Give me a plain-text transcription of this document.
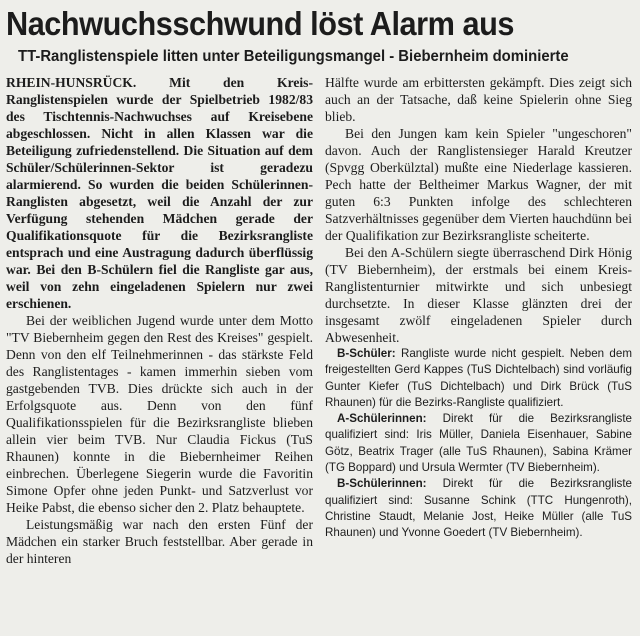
Nachwuchsschwund löst Alarm aus
TT-Ranglistenspiele litten unter Beteiligungsmangel - Biebernheim dominierte

RHEIN-HUNSRÜCK. Mit den Kreis-Ranglistenspielen wurde der Spielbetrieb 1982/83 des Tischtennis-Nachwuchses auf Kreisebene abgeschlossen. Nicht in allen Klassen war die Beteiligung zufriedenstellend. Die Situation auf dem Schüler/Schülerinnen-Sektor ist geradezu alarmierend. So wurden die beiden Schülerinnen-Ranglisten abgesetzt, weil die Anzahl der zur Verfügung stehenden Mädchen gerade der Qualifikationsquote für die Bezirksrangliste entsprach und eine Austragung dadurch überflüssig war. Bei den B-Schülern fiel die Rangliste gar aus, weil von zehn eingeladenen Spielern nur zwei erschienen.

Bei der weiblichen Jugend wurde unter dem Motto "TV Biebernheim gegen den Rest des Kreises" gespielt. Denn von den elf Teilnehmerinnen - das stärkste Feld des Ranglistentages - kamen immerhin sieben vom gastgebenden TVB. Dies drückte sich auch in der Erfolgsquote aus. Denn von den fünf Qualifikationsspielen für die Bezirksrangliste blieben allein vier beim TVB. Nur Claudia Fickus (TuS Rhaunen) konnte in die Biebernheimer Reihen einbrechen. Überlegene Siegerin wurde die Favoritin Simone Opfer ohne jeden Punkt- und Satzverlust vor Heike Pabst, die ebenso sicher den 2. Platz behauptete.

Leistungsmäßig war nach den ersten Fünf der Mädchen ein starker Bruch feststellbar. Aber gerade in der hinteren

Hälfte wurde am erbittersten gekämpft. Dies zeigt sich auch an der Tatsache, daß keine Spielerin ohne Sieg blieb.

Bei den Jungen kam kein Spieler "ungeschoren" davon. Auch der Ranglistensieger Harald Kreutzer (Spvgg Oberkülztal) mußte eine Niederlage kassieren. Pech hatte der Beltheimer Markus Wagner, der mit guten 6:3 Punkten infolge des schlechteren Satzverhältnisses gegenüber dem Vierten hauchdünn bei der Qualifikation zur Bezirksrangliste scheiterte.

Bei den A-Schülern siegte überraschend Dirk Hönig (TV Biebernheim), der erstmals bei einem Kreis-Ranglistenturnier mitwirkte und sich unbesiegt durchsetzte. In dieser Klasse glänzten drei der insgesamt zwölf eingeladenen Spieler durch Abwesenheit.

B-Schüler: Rangliste wurde nicht gespielt. Neben dem freigestellten Gerd Kappes (TuS Dichtelbach) sind vorläufig Gunter Kiefer (TuS Dichtelbach) und Dirk Brück (TuS Rhaunen) für die Bezirks-Rangliste qualifiziert.

A-Schülerinnen: Direkt für die Bezirksrangliste qualifiziert sind: Iris Müller, Daniela Eisenhauer, Sabine Götz, Beatrix Trager (alle TuS Rhaunen), Sabina Krämer (TG Boppard) und Ursula Wermter (TV Biebernheim).

B-Schülerinnen: Direkt für die Bezirksrangliste qualifiziert sind: Susanne Schink (TTC Hungenroth), Christine Staudt, Melanie Jost, Heike Müller (alle TuS Rhaunen) und Yvonne Goedert (TV Biebernheim).
